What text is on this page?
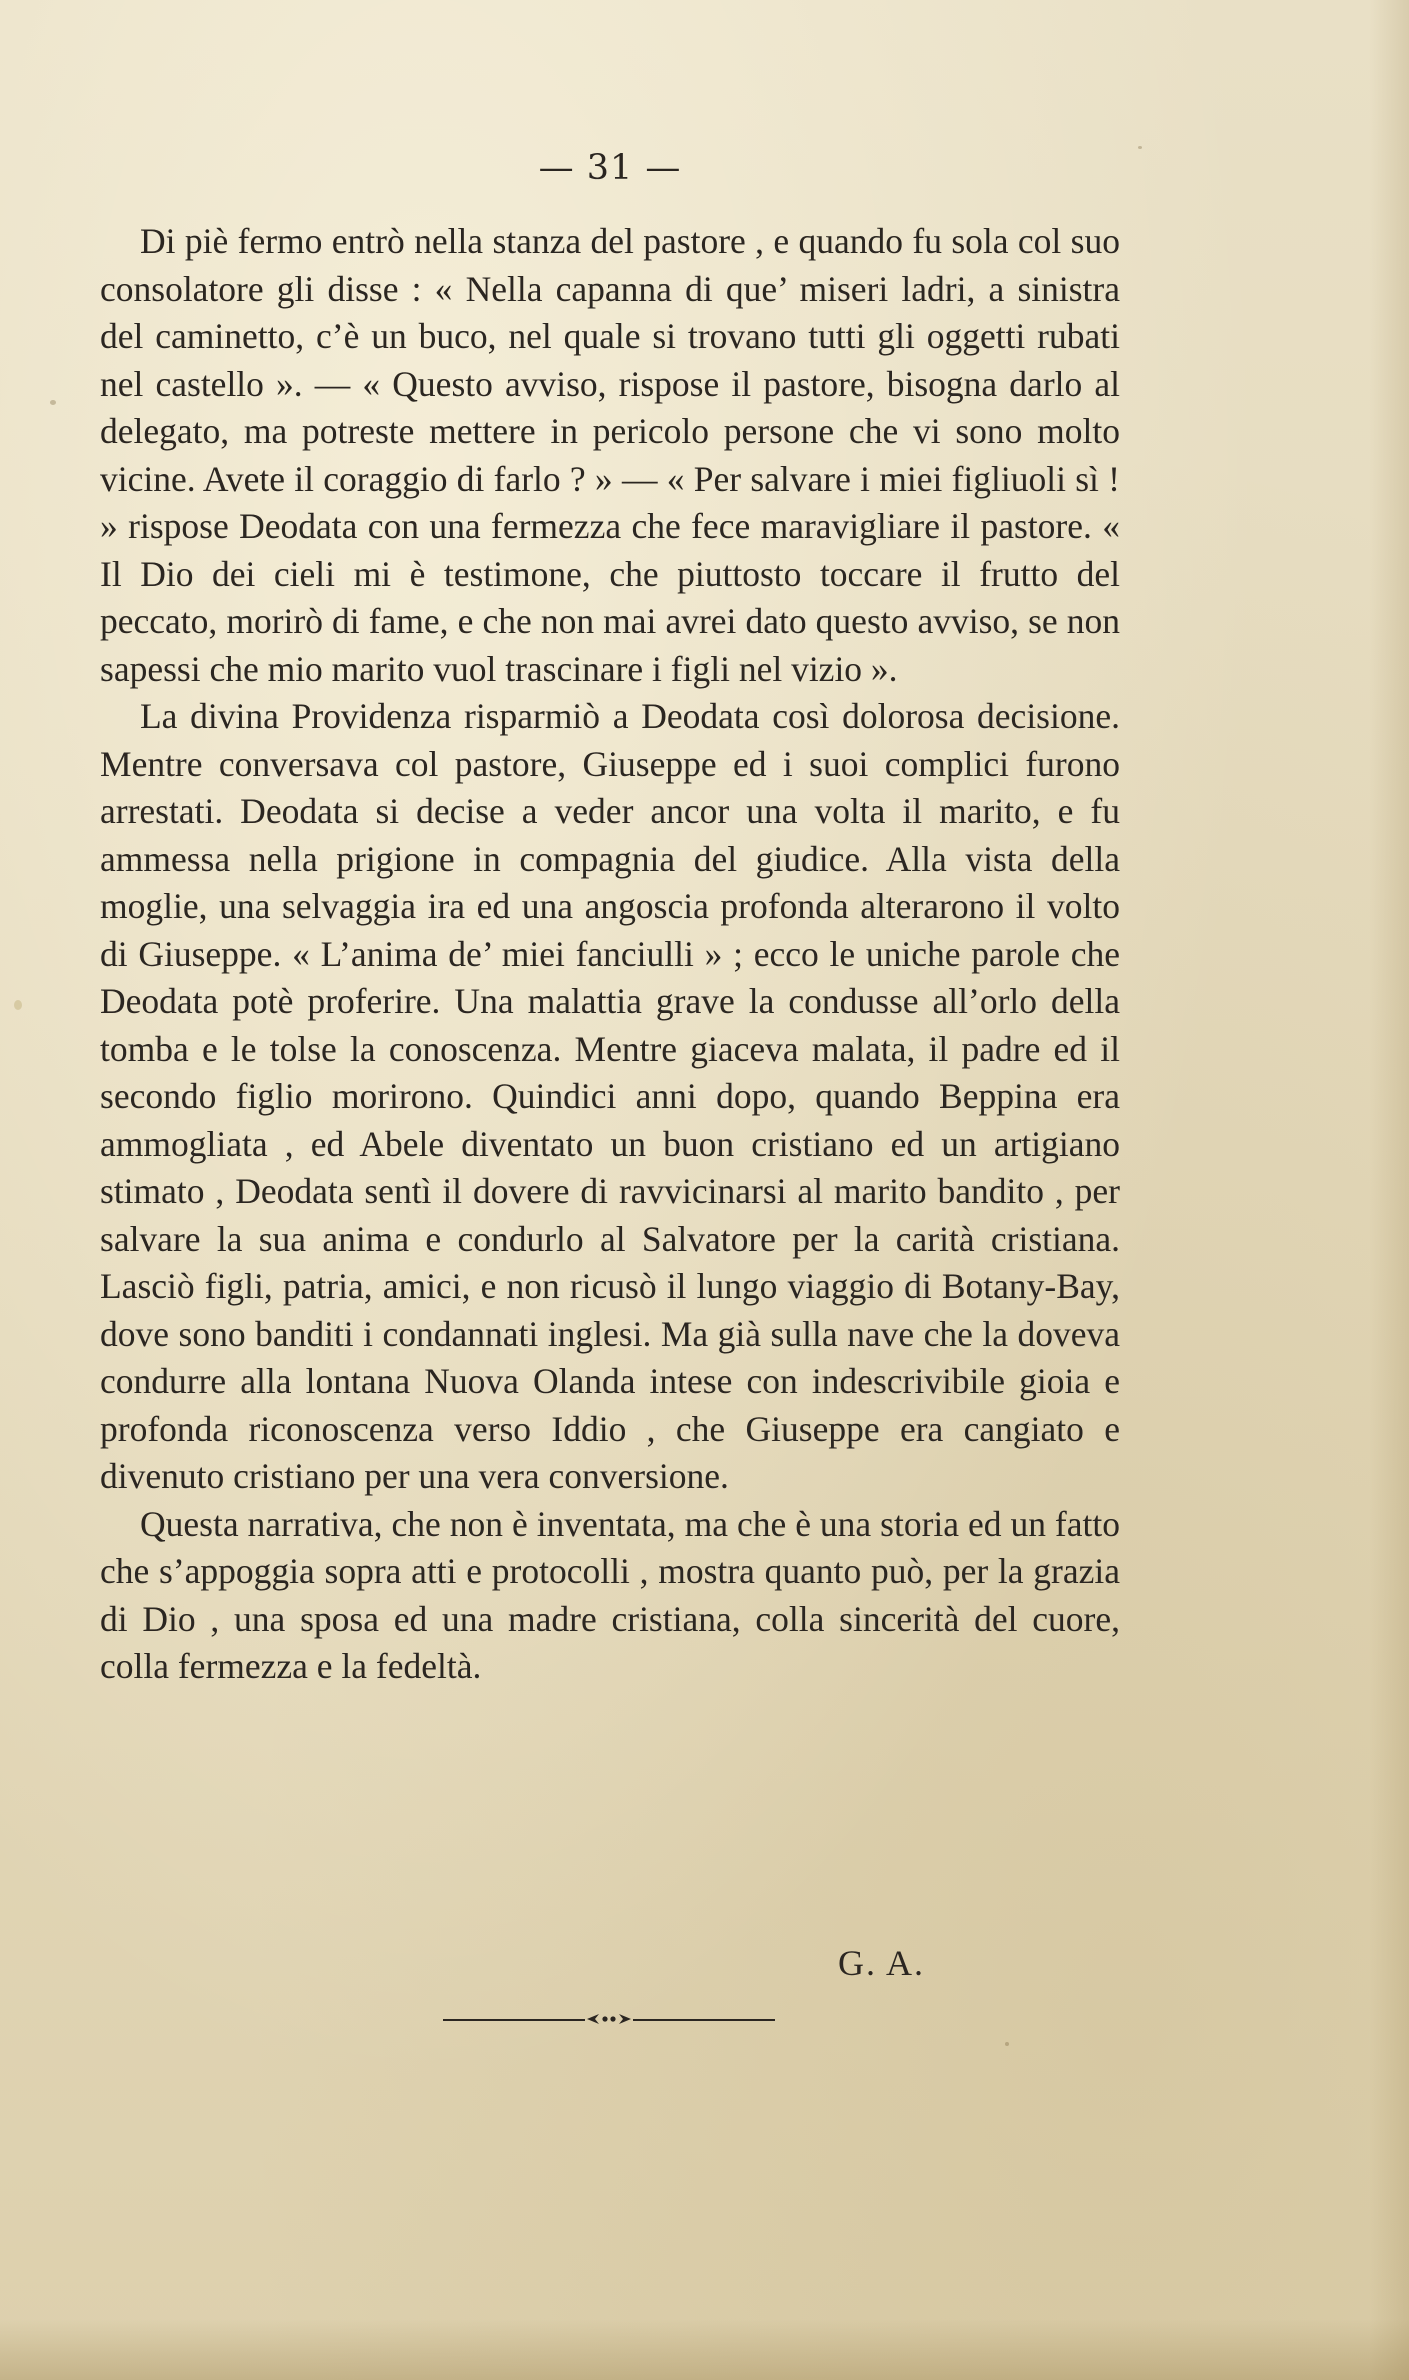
— 31 —

Di piè fermo entrò nella stanza del pastore , e quando fu sola col suo consolatore gli disse : « Nella capanna di que’ miseri ladri, a sinistra del caminetto, c’è un buco, nel quale si trovano tutti gli oggetti rubati nel castello ». — « Questo avviso, rispose il pastore, bisogna darlo al delegato, ma potreste mettere in pericolo persone che vi sono molto vicine. Avete il coraggio di farlo ? » — « Per salvare i miei figliuoli sì ! » rispose Deodata con una fermezza che fece maravigliare il pastore. « Il Dio dei cieli mi è testimone, che piuttosto toccare il frutto del peccato, morirò di fame, e che non mai avrei dato questo avviso, se non sapessi che mio marito vuol trascinare i figli nel vizio ».

La divina Providenza risparmiò a Deodata così dolorosa decisione. Mentre conversava col pastore, Giuseppe ed i suoi complici furono arrestati. Deodata si decise a veder ancor una volta il marito, e fu ammessa nella prigione in compagnia del giudice. Alla vista della moglie, una selvaggia ira ed una angoscia profonda alterarono il volto di Giuseppe. « L’anima de’ miei fanciulli » ; ecco le uniche parole che Deodata potè proferire. Una malattia grave la condusse all’orlo della tomba e le tolse la conoscenza. Mentre giaceva malata, il padre ed il secondo figlio morirono. Quindici anni dopo, quando Beppina era ammogliata , ed Abele diventato un buon cristiano ed un artigiano stimato , Deodata sentì il dovere di ravvicinarsi al marito bandito , per salvare la sua anima e condurlo al Salvatore per la carità cristiana. Lasciò figli, patria, amici, e non ricusò il lungo viaggio di Botany-Bay, dove sono banditi i condannati inglesi. Ma già sulla nave che la doveva condurre alla lontana Nuova Olanda intese con indescrivibile gioia e profonda riconoscenza verso Iddio , che Giuseppe era cangiato e divenuto cristiano per una vera conversione.

Questa narrativa, che non è inventata, ma che è una storia ed un fatto che s’appoggia sopra atti e protocolli , mostra quanto può, per la grazia di Dio , una sposa ed una madre cristiana, colla sincerità del cuore, colla fermezza e la fedeltà.

G. A.
